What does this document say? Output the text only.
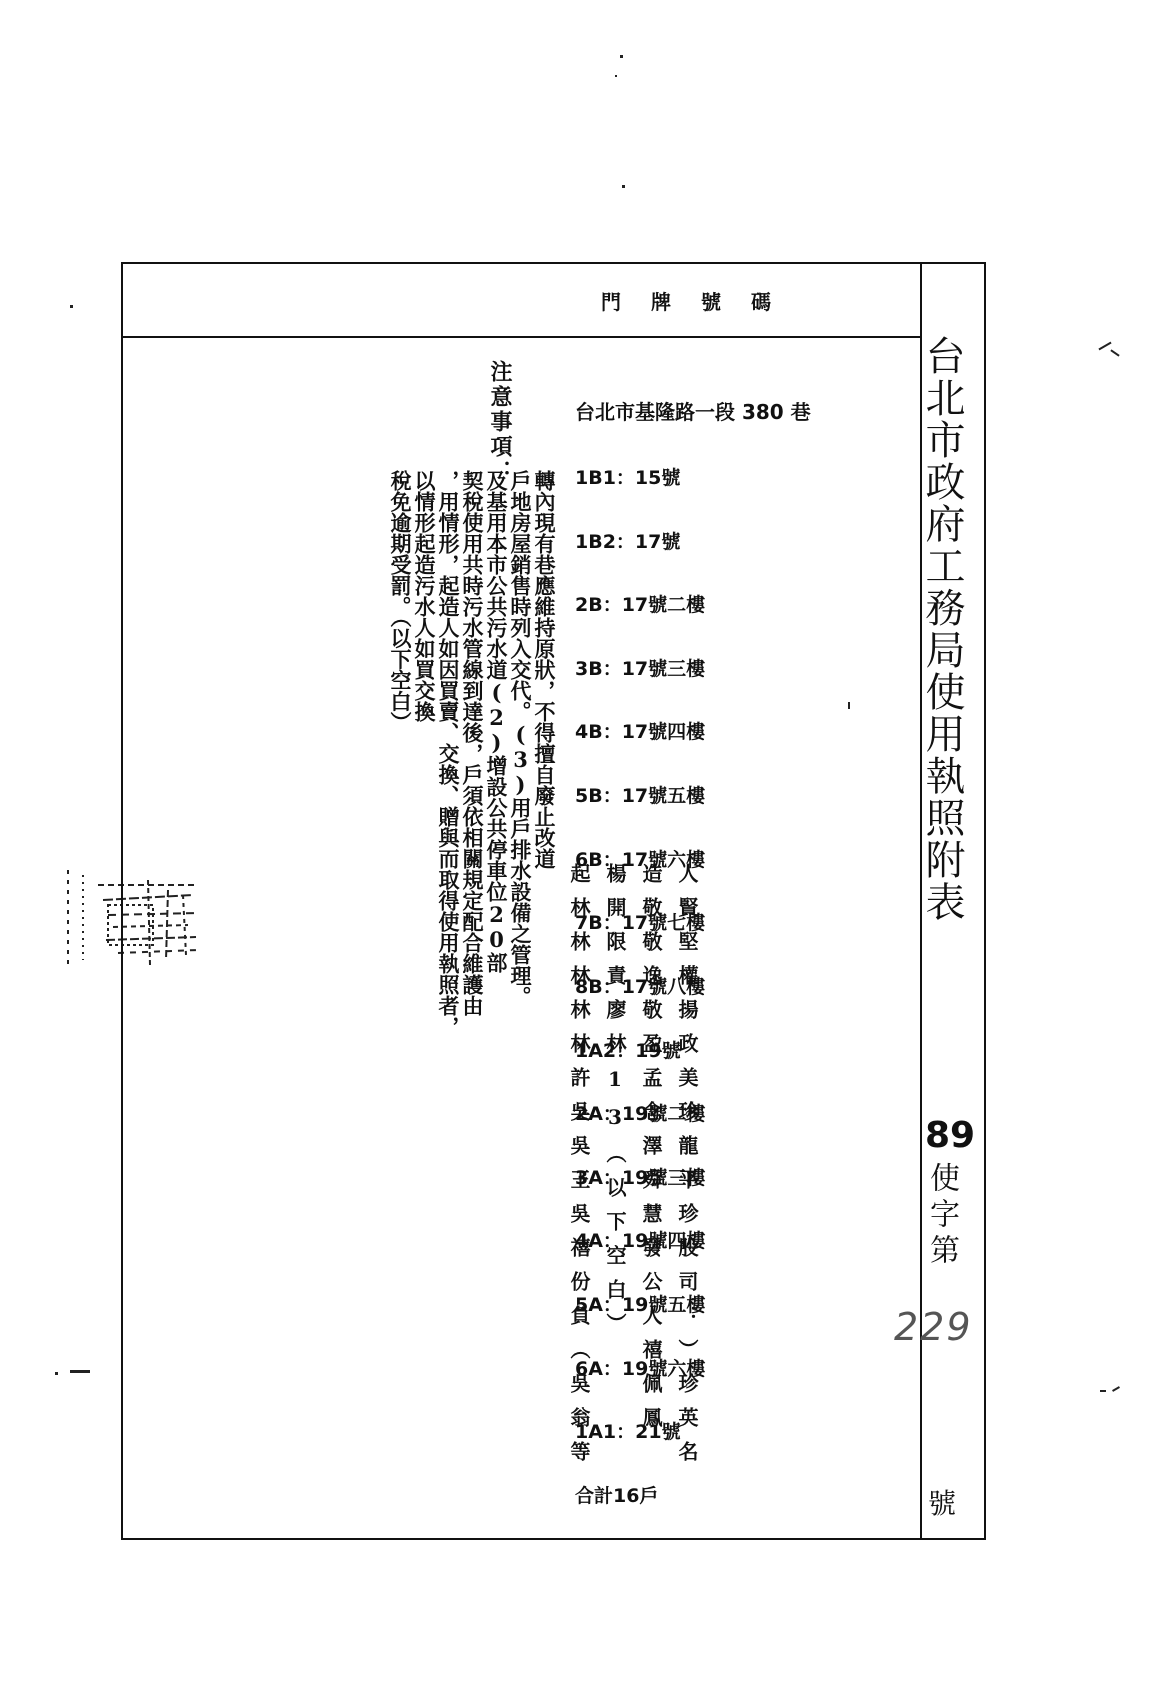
門牌號碼
台北市政府工務局使用執照附表
89
使字第
229
號

台北市基隆路一段 380 巷

1B1：15號

1B2：17號

2B：17號二樓

3B：17號三樓

4B：17號四樓

5B：17號五樓

6B：17號六樓

7B：17號七樓

8B：17號八樓

1A2：19號

2A：19號二樓

3A：19號三樓

4A：19號四樓

5A：19號五樓

6A：19號六樓

1A1：21號

合計16戶

人賢堅權揚政美珍龍平珍股司：）珍英名
造敬敬逸敬盈孟念澤舜慧發公人禧佩鳳
楊開限責廖林13（以下空白）
起林林林林林許吳吳王吳禧份負（吳翁等
注意事項：
轉內現有巷應維持原狀，不得擅自廢止改道
戶地房屋銷售時列入交代。(3)用戶排水設備之管理。
及基用本市公共污水道(2)增設公共停車位20部
契稅使用共時污水管線到達後，戶須依相關規定配合維護由
，用情形，起造人如因買賣、交換、贈與而取得使用執照者，
以情形起造污水人如買交換
稅免逾期受罰。（以下空白）
